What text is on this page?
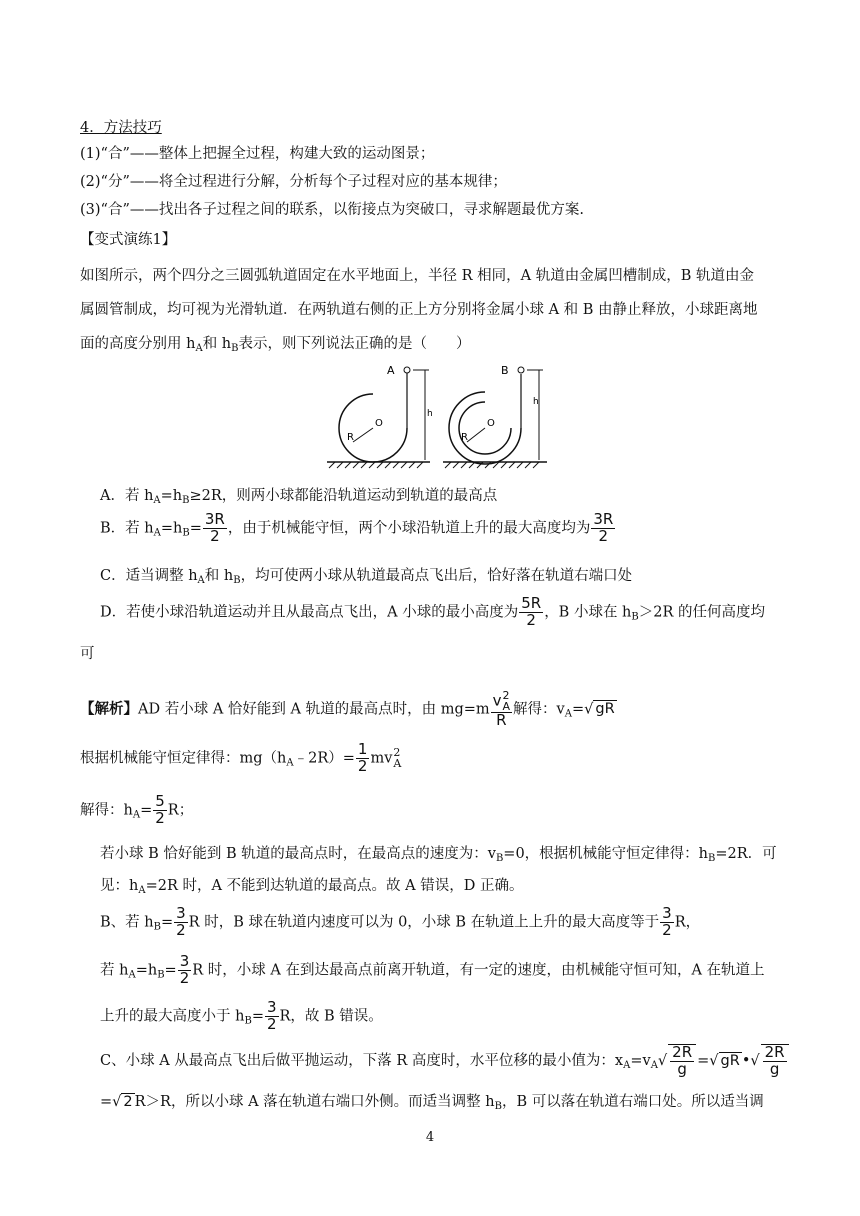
4．方法技巧
(1)“合”——整体上把握全过程，构建大致的运动图景；
(2)“分”——将全过程进行分解，分析每个子过程对应的基本规律；
(3)“合”——找出各子过程之间的联系，以衔接点为突破口，寻求解题最优方案.
【变式演练1】
如图所示，两个四分之三圆弧轨道固定在水平地面上，半径 R 相同，A 轨道由金属凹槽制成，B 轨道由金
属圆管制成，均可视为光滑轨道．在两轨道右侧的正上方分别将金属小球 A 和 B 由静止释放，小球距离地
面的高度分别用 $h_A$和 $h_B$表示，则下列说法正确的是（　　）
R
O
A
h
R
O
B
h
A．若 $h_A=h_B\ge 2R$，则两小球都能沿轨道运动到轨道的最高点
B．若 $h_A=h_B= \frac{3R}{2}$ ，由于机械能守恒，两个小球沿轨道上升的最大高度均为 $\frac{3R}{2}$
C．适当调整 $h_A$和 $h_B$，均可使两小球从轨道最高点飞出后，恰好落在轨道右端口处
D．若使小球沿轨道运动并且从最高点飞出，A 小球的最小高度为 $\frac{5R}{2}$ ，B 小球在 $h_B>2R$ 的任何高度均
可
【解析】AD 若小球 A 恰好能到 A 轨道的最高点时，由 mg=m v 2
A
R 解得：$v_A=√$ gR
根据机械能守恒定律得：$mg(h_A﹣2R)= \frac{1}{2}$ mv 2
A
解得：$h_A= \frac{5}{2}$ R；
若小球 B 恰好能到 B 轨道的最高点时，在最高点的速度为：$v_B=0$，根据机械能守恒定律得：$h_B=2R$．可
见：$h_A=2R$ 时，A 不能到达轨道的最高点。故 A 错误，D 正确。
B、若 $h_B= \frac{3}{2}$ R 时，B 球在轨道内速度可以为 0，小球 B 在轨道上上升的最大高度等于 $\frac{3}{2}$ R，
若 $h_A=h_B= \frac{3}{2}$ R 时，小球 A 在到达最高点前离开轨道，有一定的速度，由机械能守恒可知，A 在轨道上
上升的最大高度小于 $h_B= \frac{3}{2}$ R，故 B 错误。
C、小球 A 从最高点飞出后做平抛运动，下落 R 高度时，水平位移的最小值为：$x_A=v_A√ \frac{2R}{g}$ =√ gR •√ $\frac{2R}{g}$
=√ 2 R＞R，所以小球 A 落在轨道右端口外侧。而适当调整 $h_B$，B 可以落在轨道右端口处。所以适当调
4
